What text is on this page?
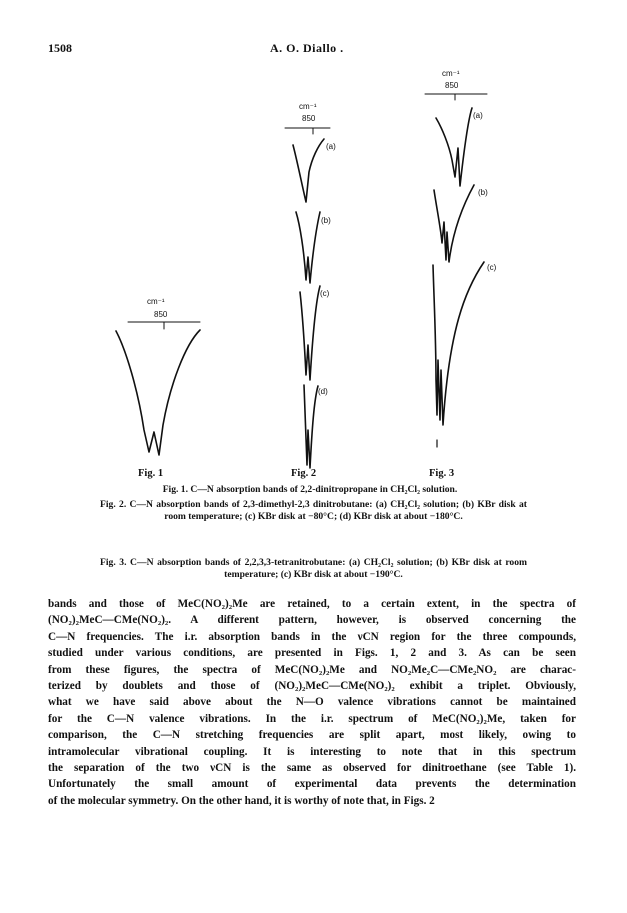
1508	A. O. Diallo .
cm⁻¹
850
cm⁻¹
850
cm⁻¹
850
(a)
(b)
(c)
(d)
(a)
(b)
(c)
Fig. 1	Fig. 2	Fig. 3
Fig. 1. C—N absorption bands of 2,2-dinitropropane in CH₂Cl₂ solution.
Fig. 2. C—N absorption bands of 2,3-dimethyl-2,3 dinitrobutane: (a) CH₂Cl₂ solution; (b) KBr disk at room temperature; (c) KBr disk at −80°C; (d) KBr disk at about −180°C.
Fig. 3. C—N absorption bands of 2,2,3,3-tetranitrobutane: (a) CH₂Cl₂ solution; (b) KBr disk at room temperature; (c) KBr disk at about −190°C.

bands and those of MeC(NO₂)₂Me are retained, to a certain extent, in the spectra of
(NO₂)₂MeC—CMe(NO₂)₂. A different pattern, however, is observed concerning the
C—N frequencies. The i.r. absorption bands in the νCN region for the three compounds,
studied under various conditions, are presented in Figs. 1, 2 and 3. As can be seen
from these figures, the spectra of MeC(NO₂)₂Me and NO₂Me₂C—CMe₂NO₂ are charac-
terized by doublets and those of (NO₂)₂MeC—CMe(NO₂)₂ exhibit a triplet. Obviously,
what we have said above about the N—O valence vibrations cannot be maintained
for the C—N valence vibrations. In the i.r. spectrum of MeC(NO₂)₂Me, taken for
comparison, the C—N stretching frequencies are split apart, most likely, owing to
intramolecular vibrational coupling. It is interesting to note that in this spectrum
the separation of the two νCN is the same as observed for dinitroethane (see Table 1).
Unfortunately the small amount of experimental data prevents the determination
of the molecular symmetry. On the other hand, it is worthy of note that, in Figs. 2
